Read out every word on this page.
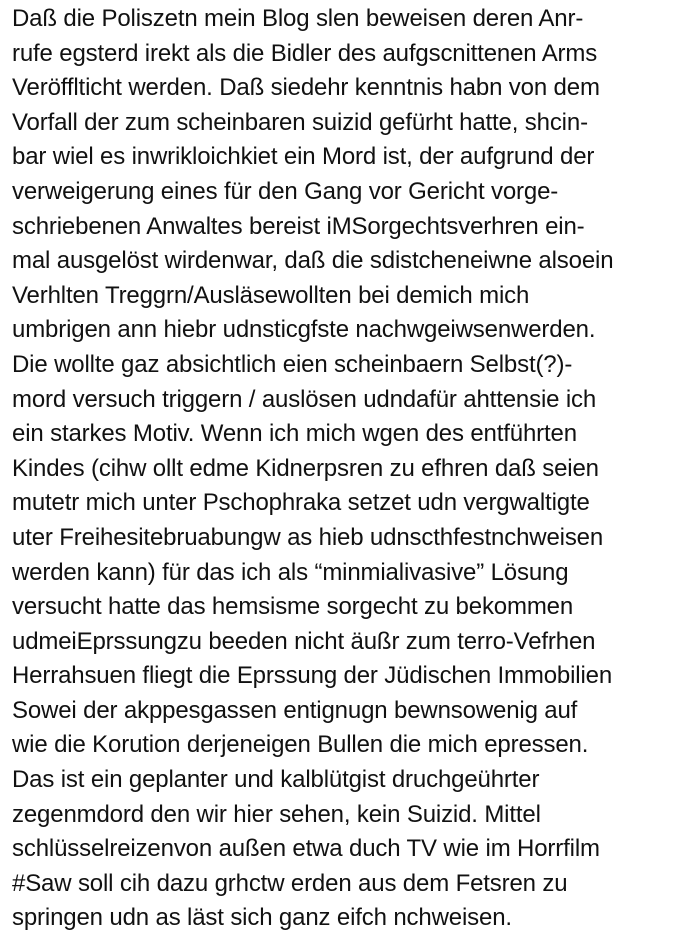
Daß die Poliszetn mein Blog slen beweisen deren Anr-
rufe egsterd irekt als die Bidler des aufgscnittenen Arms
Veröfflticht werden. Daß siedehr kenntnis habn von dem
Vorfall der zum scheinbaren suizid gefürht hatte, shcin-
bar wiel es inwrikloichkiet ein Mord ist, der aufgrund der
verweigerung eines für den Gang vor Gericht vorge-
schriebenen Anwaltes bereist iMSorgechtsverhren ein-
mal ausgelöst wirdenwar, daß die sdistcheneiwne alsoein
Verhlten Treggrn/Ausläsewollten bei demich mich
umbrigen ann hiebr udnsticgfste nachwgeiwsenwerden.
Die wollte gaz absichtlich eien scheinbaern Selbst(?)-
mord versuch triggern / auslösen udndafür ahttensie ich
ein starkes Motiv. Wenn ich mich wgen des entführten
Kindes (cihw ollt edme Kidnerpsren zu efhren daß seien
mutetr mich unter Pschophraka setzet udn vergwaltigte
uter Freihesitebruabungw as hieb udnscthfestnchweisen
werden kann) für das ich als “minmialivasive” Lösung
versucht hatte das hemsisme sorgecht zu bekommen
udmeiEprssungzu beeden nicht äußr zum terro-Vefrhen
Herrahsuen fliegt die Eprssung der Jüdischen Immobilien
Sowei der akppesgassen entignugn bewnsowenig auf
wie die Korution derjeneigen Bullen die mich epressen.
Das ist ein geplanter und kalblütgist druchgeührter
zegenmdord den wir hier sehen, kein Suizid. Mittel
schlüsselreizenvon außen etwa duch TV wie im Horrfilm
#Saw soll cih dazu grhctw erden aus dem Fetsren zu
springen udn as läst sich ganz eifch nchweisen.
